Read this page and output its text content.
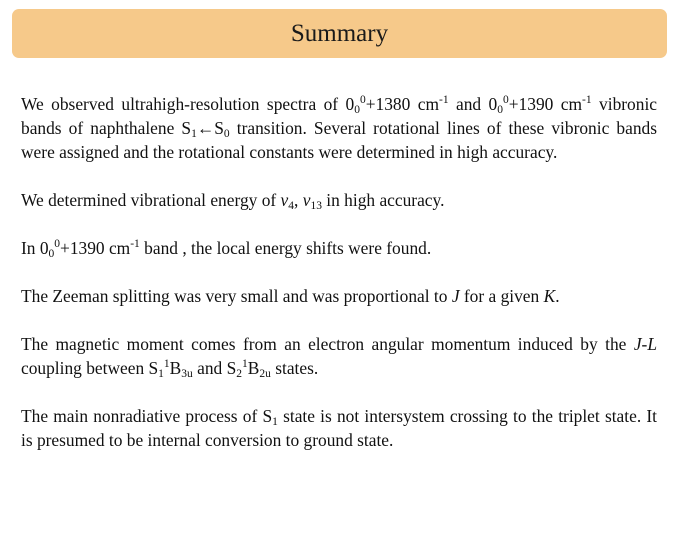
Summary

We observed ultrahigh-resolution spectra of $0_0^0+1380$ $cm^{-1}$ and $0_0^0+1390$ $cm^{-1}$ vibronic bands of naphthalene $S_1\leftarrow S_0$ transition. Several rotational lines of these vibronic bands were assigned and the rotational constants were determined in high accuracy.

We determined vibrational energy of $v_4$, $v_{13}$ in high accuracy.

In $0_0^0+1390$ $cm^{-1}$ band , the local energy shifts were found.

The Zeeman splitting was very small and was proportional to J for a given K.

The magnetic moment comes from an electron angular momentum induced by the J-L coupling between $S_1^1B_{3u}$ and $S_2^1B_{2u}$ states.

The main nonradiative process of $S_1$ state is not intersystem crossing to the triplet state. It is presumed to be internal conversion to ground state.
